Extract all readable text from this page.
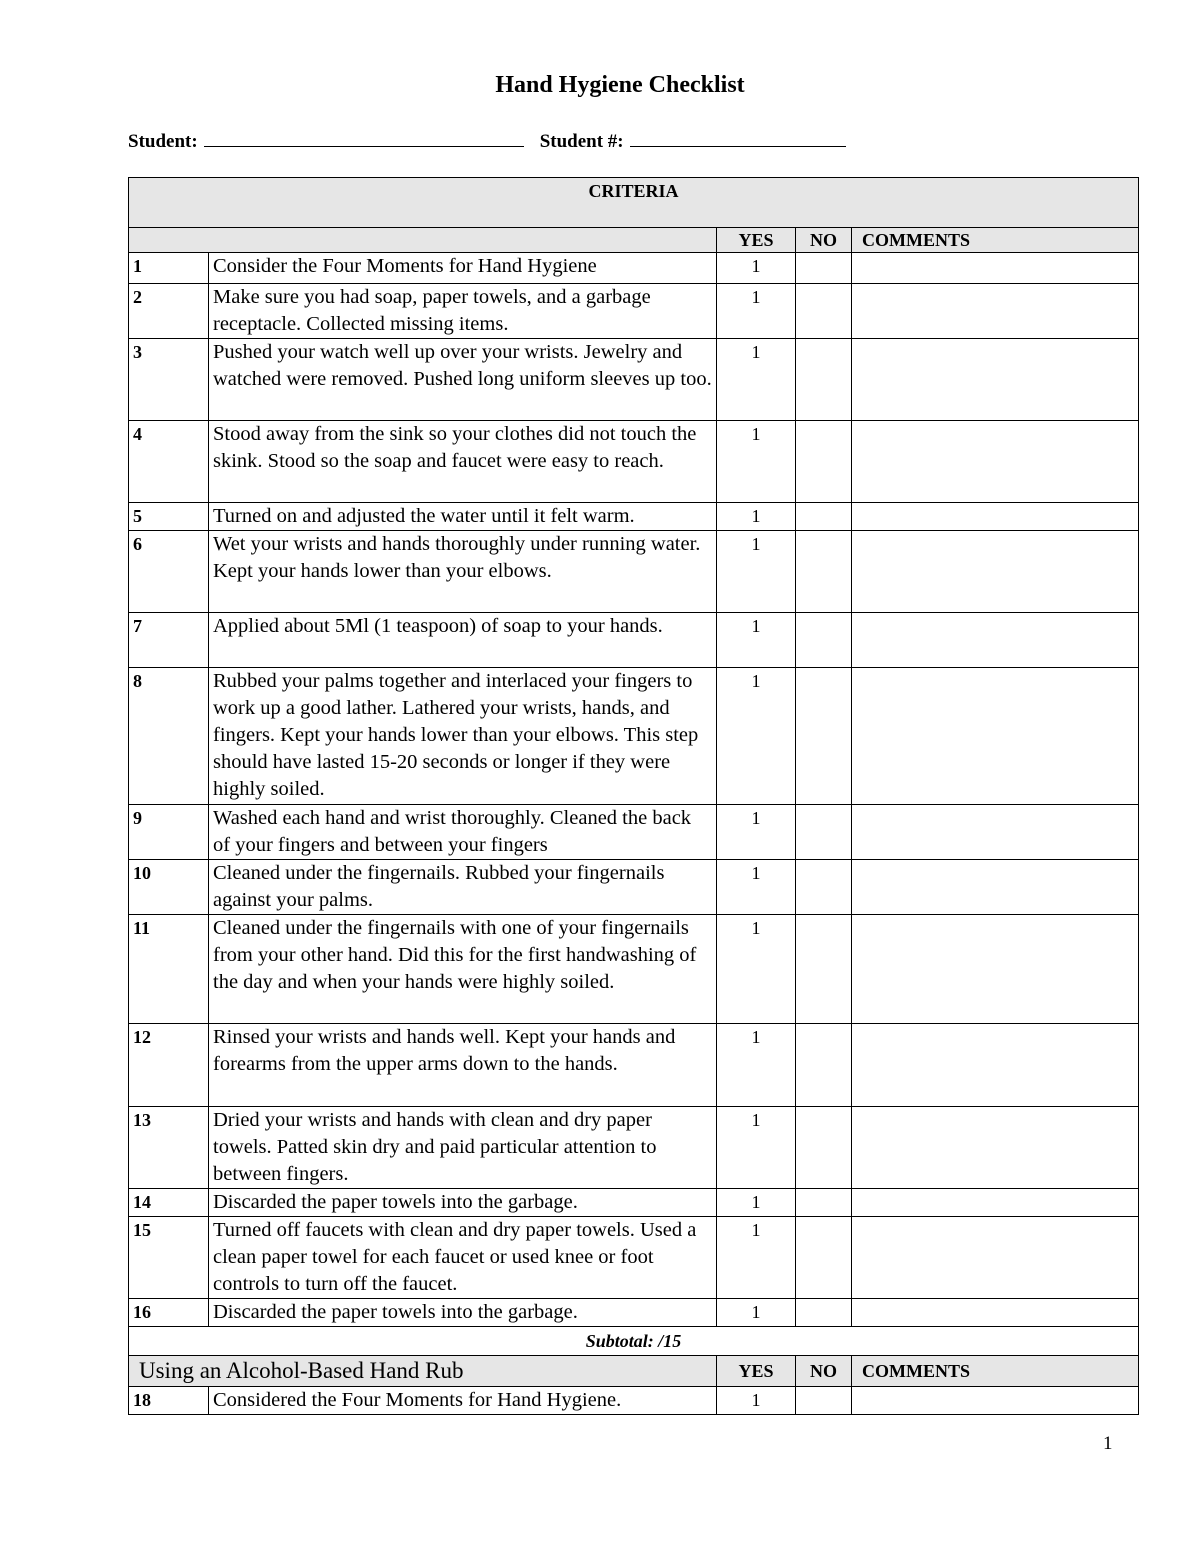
Hand Hygiene Checklist
Student:	Student #:
CRITERIA				
		YES	NO	COMMENTS
1	Consider the Four Moments for Hand Hygiene	1		
2	Make sure you had soap, paper towels, and a garbage receptacle. Collected missing items.	1		
3	Pushed your watch well up over your wrists. Jewelry and watched were removed. Pushed long uniform sleeves up too.	1		
4	Stood away from the sink so your clothes did not touch the skink. Stood so the soap and faucet were easy to reach.	1		
5	Turned on and adjusted the water until it felt warm.	1		
6	Wet your wrists and hands thoroughly under running water. Kept your hands lower than your elbows.	1		
7	Applied about 5Ml (1 teaspoon) of soap to your hands.	1		
8	Rubbed your palms together and interlaced your fingers to work up a good lather. Lathered your wrists, hands, and fingers. Kept your hands lower than your elbows. This step should have lasted 15-20 seconds or longer if they were highly soiled.	1		
9	Washed each hand and wrist thoroughly. Cleaned the back of your fingers and between your fingers	1		
10	Cleaned under the fingernails. Rubbed your fingernails against your palms.	1		
11	Cleaned under the fingernails with one of your fingernails from your other hand. Did this for the first handwashing of the day and when your hands were highly soiled.	1		
12	Rinsed your wrists and hands well. Kept your hands and forearms from the upper arms down to the hands.	1		
13	Dried your wrists and hands with clean and dry paper towels. Patted skin dry and paid particular attention to between fingers.	1		
14	Discarded the paper towels into the garbage.	1		
15	Turned off faucets with clean and dry paper towels. Used a clean paper towel for each faucet or used knee or foot controls to turn off the faucet.	1		
16	Discarded the paper towels into the garbage.	1		
Subtotal: /15				
Using an Alcohol-Based Hand Rub		YES	NO	COMMENTS
18	Considered the Four Moments for Hand Hygiene.	1		
1
